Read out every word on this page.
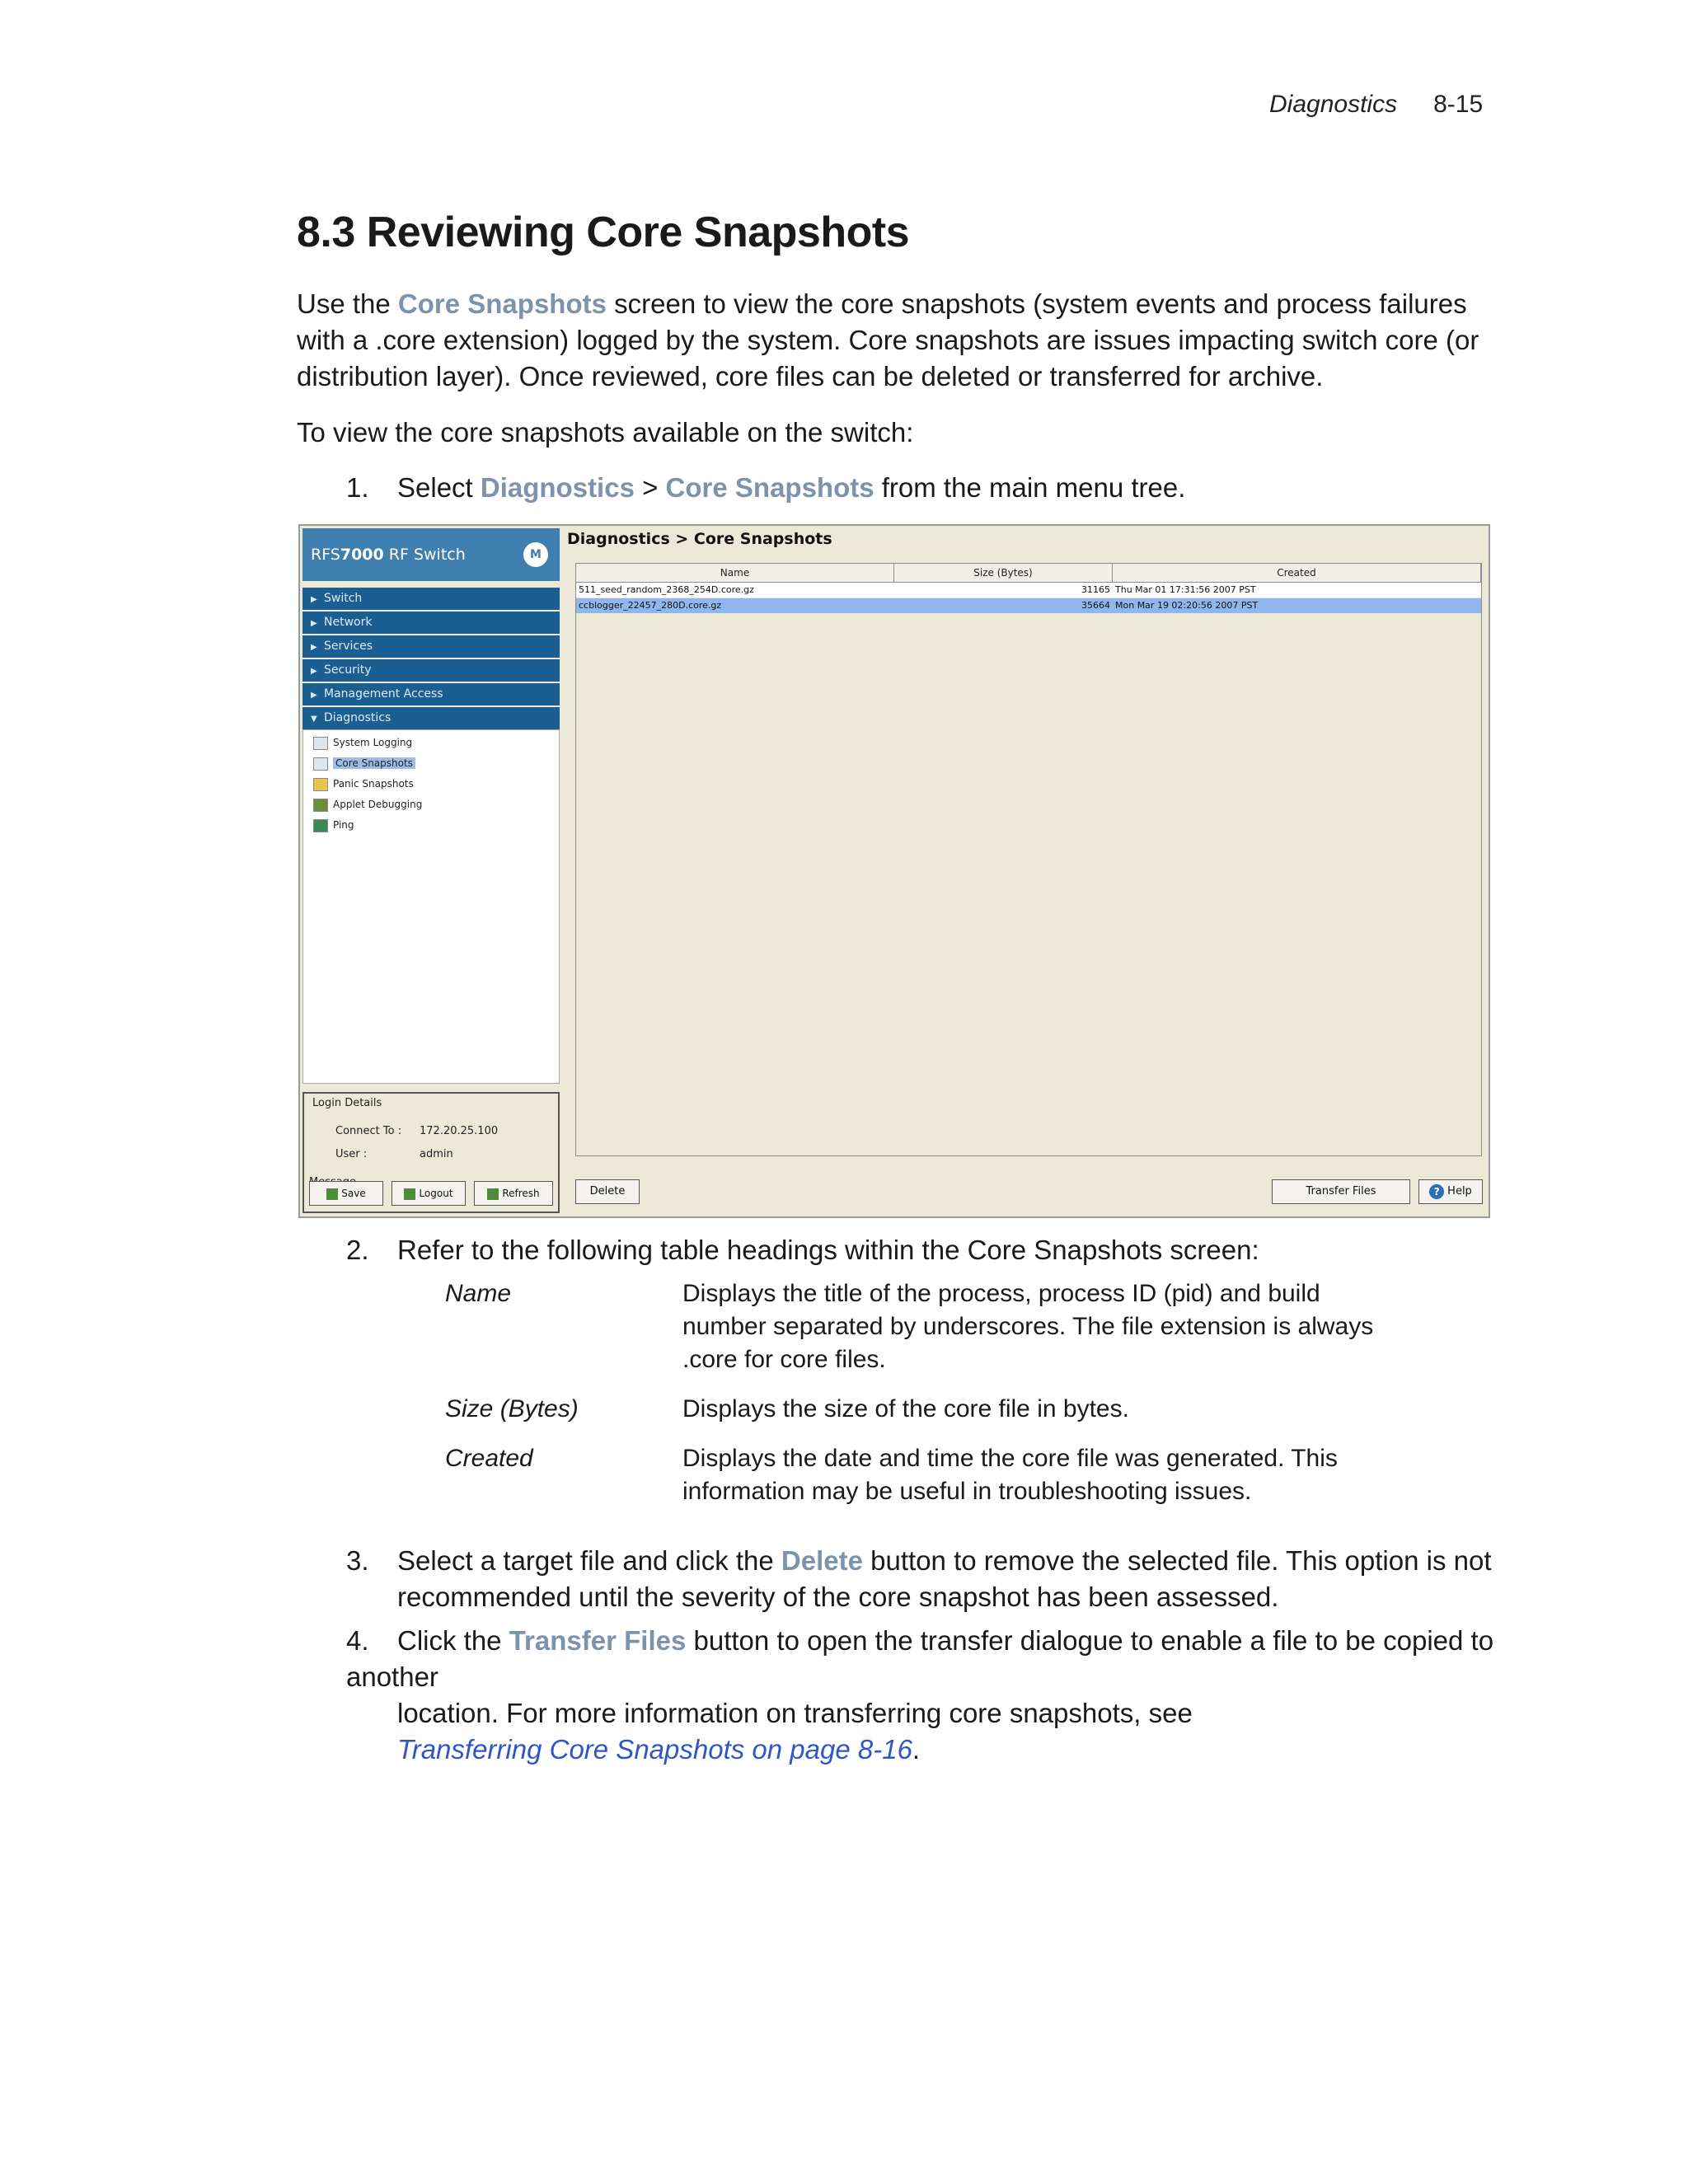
Diagnostics 8-15
8.3 Reviewing Core Snapshots

Use the Core Snapshots screen to view the core snapshots (system events and process failures with a .core extension) logged by the system. Core snapshots are issues impacting switch core (or distribution layer). Once reviewed, core files can be deleted or transferred for archive.

To view the core snapshots available on the switch:

1. Select Diagnostics > Core Snapshots from the main menu tree.
RFS7000 RF Switch	M
▶ Switch
▶ Network
▶ Services
▶ Security
▶ Management Access
▼ Diagnostics
System Logging
Core Snapshots
Panic Snapshots
Applet Debugging
Ping
Login Details
Connect To : 172.20.25.100
User :	admin
Save	Logout	Refresh
Diagnostics > Core Snapshots
Name	Size (Bytes)	Created
511_seed_random_2368_254D.core.gz	31165 Thu Mar 01 17:31:56 2007 PST
ccblogger_22457_280D.core.gz	35664 Mon Mar 19 02:20:56 2007 PST
Delete	Transfer Files	? Help
2. Refer to the following table headings within the Core Snapshots screen:
Name	Displays the title of the process, process ID (pid) and build number separated by underscores. The file extension is always .core for core files.
Size (Bytes)	Displays the size of the core file in bytes.
Created	Displays the date and time the core file was generated. This information may be useful in troubleshooting issues.
3. Select a target file and click the Delete button to remove the selected file. This option is not
recommended until the severity of the core snapshot has been assessed.
4. Click the Transfer Files button to open the transfer dialogue to enable a file to be copied to another
location. For more information on transferring core snapshots, see
Transferring Core Snapshots on page 8-16.
